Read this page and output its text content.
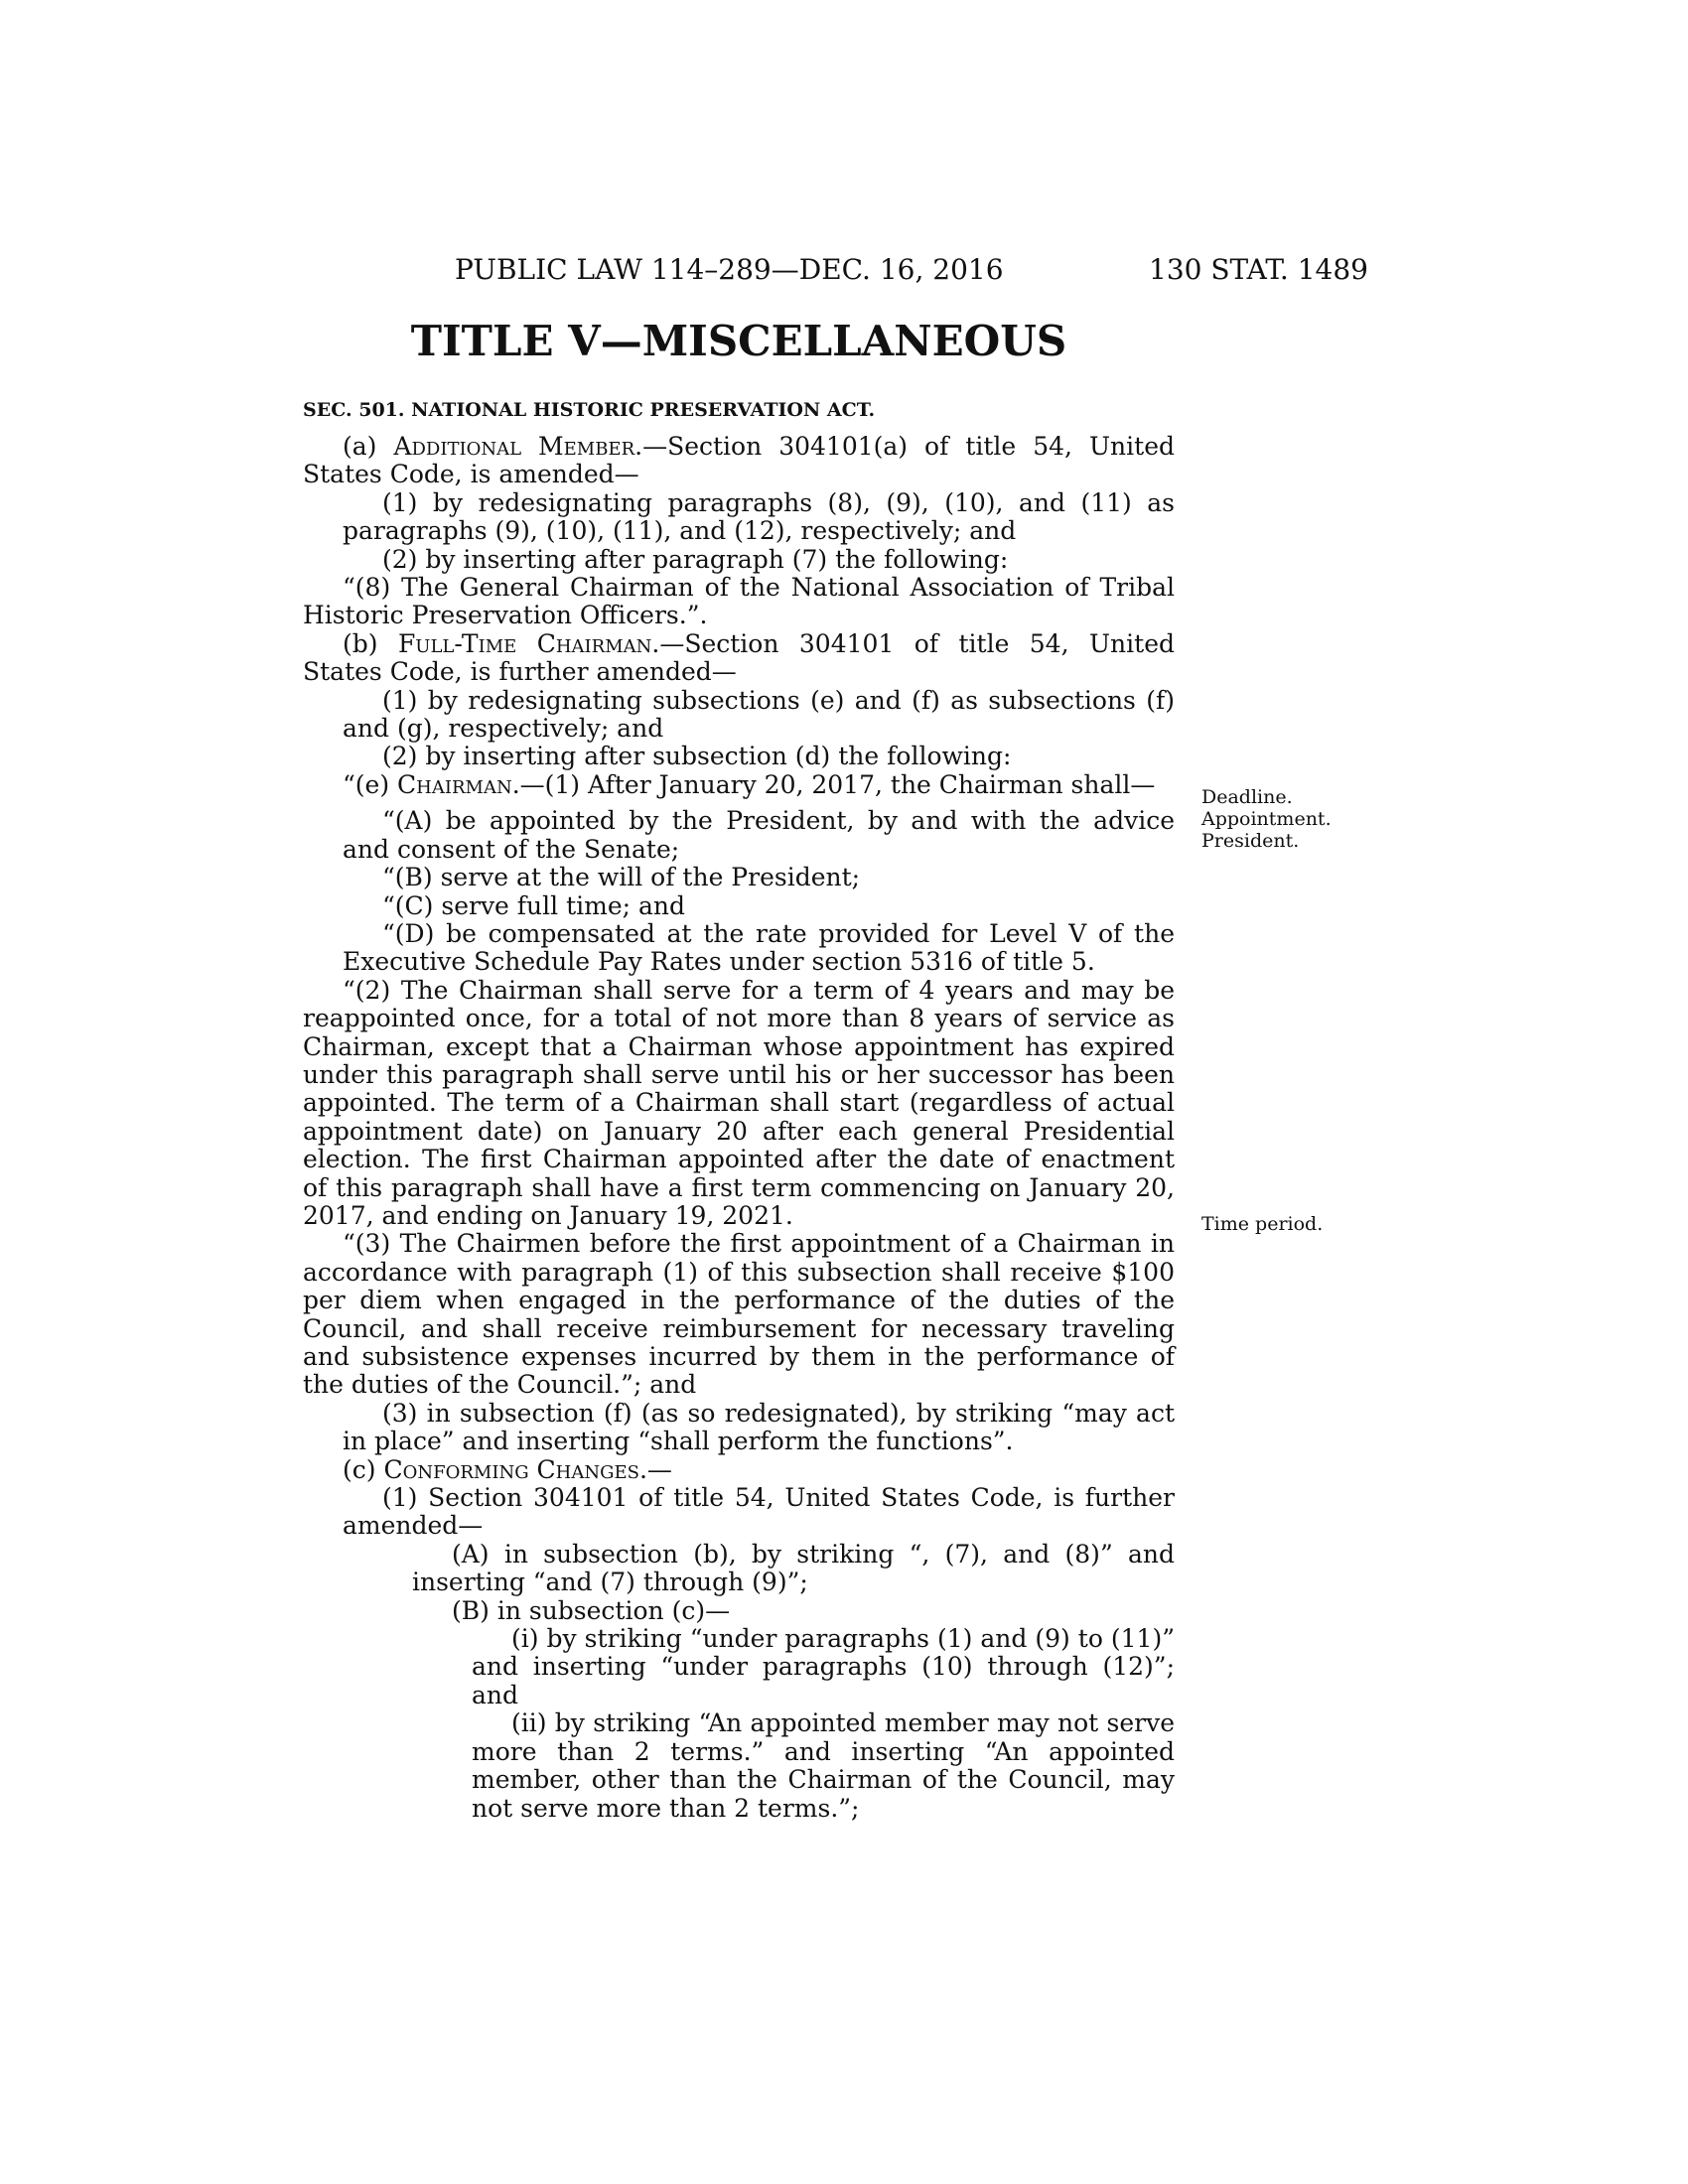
PUBLIC LAW 114–289—DEC. 16, 2016	130 STAT. 1489
TITLE V—MISCELLANEOUS
SEC. 501. NATIONAL HISTORIC PRESERVATION ACT.

(a) Additional Member.—Section 304101(a) of title 54, United States Code, is amended—

(1) by redesignating paragraphs (8), (9), (10), and (11) as paragraphs (9), (10), (11), and (12), respectively; and

(2) by inserting after paragraph (7) the following:

“(8) The General Chairman of the National Association of Tribal Historic Preservation Officers.”.

(b) Full-Time Chairman.—Section 304101 of title 54, United States Code, is further amended—

(1) by redesignating subsections (e) and (f) as subsections (f) and (g), respectively; and

(2) by inserting after subsection (d) the following:

“(e) Chairman.—(1) After January 20, 2017, the Chairman shall—

“(A) be appointed by the President, by and with the advice and consent of the Senate;

“(B) serve at the will of the President;

“(C) serve full time; and

“(D) be compensated at the rate provided for Level V of the Executive Schedule Pay Rates under section 5316 of title 5.

“(2) The Chairman shall serve for a term of 4 years and may be reappointed once, for a total of not more than 8 years of service as Chairman, except that a Chairman whose appointment has expired under this paragraph shall serve until his or her successor has been appointed. The term of a Chairman shall start (regardless of actual appointment date) on January 20 after each general Presidential election. The first Chairman appointed after the date of enactment of this paragraph shall have a first term commencing on January 20, 2017, and ending on January 19, 2021.

“(3) The Chairmen before the first appointment of a Chairman in accordance with paragraph (1) of this subsection shall receive $100 per diem when engaged in the performance of the duties of the Council, and shall receive reimbursement for necessary traveling and subsistence expenses incurred by them in the performance of the duties of the Council.”; and

(3) in subsection (f) (as so redesignated), by striking “may act in place” and inserting “shall perform the functions”.

(c) Conforming Changes.—

(1) Section 304101 of title 54, United States Code, is further amended—

(A) in subsection (b), by striking “, (7), and (8)” and inserting “and (7) through (9)”;

(B) in subsection (c)—

(i) by striking “under paragraphs (1) and (9) to (11)” and inserting “under paragraphs (10) through (12)”; and

(ii) by striking “An appointed member may not serve more than 2 terms.” and inserting “An appointed member, other than the Chairman of the Council, may not serve more than 2 terms.”;

Deadline.
Appointment.
President.
Time period.
